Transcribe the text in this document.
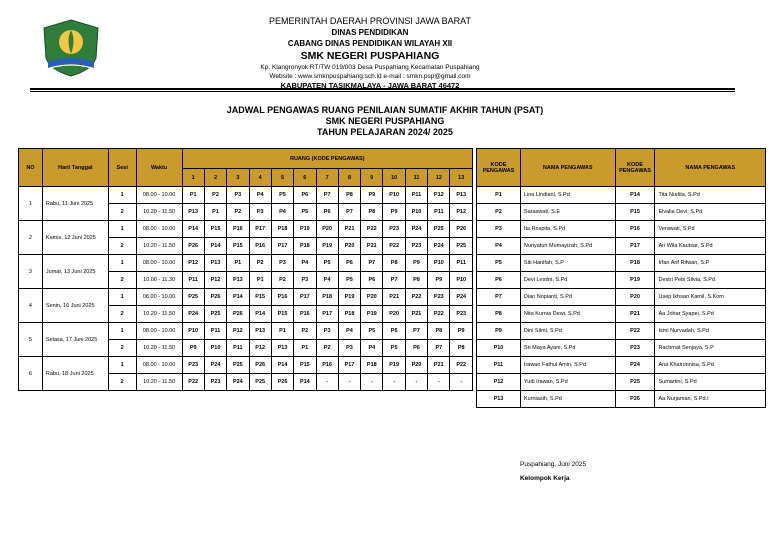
PEMERINTAH DAERAH PROVINSI JAWA BARAT
DINAS PENDIDIKAN
CABANG DINAS PENDIDIKAN WILAYAH XII
SMK NEGERI PUSPAHIANG
Kp. Klangronyok RT/TW 019/003 Desa Puspahiang Kecamatan Puspahiang
Website : www.smknpuspahiang.sch.id e-mail : smkn.psp@gmail.com
KABUPATEN TASIKMALAYA - JAWA BARAT 46472
JADWAL PENGAWAS RUANG PENILAIAN SUMATIF AKHIR TAHUN (PSAT)
SMK NEGERI PUSPAHIANG
TAHUN PELAJARAN 2024/ 2025
NO	Hari/ Tanggal	Sesi	Waktu	RUANG (KODE PENGAWAS)												
				1	2	3	4	5	6	7	8	9	10	11	12	13
1	Rabu, 11 Juni 2025	1	08.00 - 10.00	P1	P2	P3	P4	P5	P6	P7	P8	P9	P10	P11	P12	P13
		2	10.20 - 11.50	P13	P1	P2	P3	P4	P5	P6	P7	P8	P9	P10	P11	P12
2	Kamis, 12 Juni 2025	1	08.00 - 10.00	P14	P15	P16	P17	P18	P19	P20	P21	P22	P23	P24	P25	P26
		2	10.20 - 11.50	P26	P14	P15	P16	P17	P18	P19	P20	P21	P22	P23	P24	P25
3	Jumat, 13 Juni 2025	1	08.00 - 10.00	P12	P13	P1	P2	P3	P4	P5	P6	P7	P8	P9	P10	P11
		2	10.00 - 11.30	P11	P12	P13	P1	P2	P3	P4	P5	P6	P7	P8	P9	P10
4	Senin, 16 Juni 2025	1	08.00 - 10.00	P25	P26	P14	P15	P16	P17	P18	P19	P20	P21	P22	P23	P24
		2	10.20 - 11.50	P24	P25	P26	P14	P15	P16	P17	P18	P19	P20	P21	P22	P23
5	Selasa, 17 Juni 2025	1	08.00 - 10.00	P10	P11	P12	P13	P1	P2	P3	P4	P5	P6	P7	P8	P9
		2	10.20 - 11.50	P9	P10	P11	P12	P13	P1	P2	P3	P4	P5	P6	P7	P8
6	Rabu, 18 Juni 2025	1	08.00 - 10.00	P23	P24	P25	P26	P14	P15	P16	P17	P18	P19	P20	P21	P22
		2	10.20 - 11.50	P22	P23	P24	P25	P26	P14	-	-	-	-	-	-	-
KODE PENGAWAS	NAMA PENGAWAS	KODE PENGAWAS	NAMA PENGAWAS
P1	Lina Lindiani, S.Pd	P14	Tita Nurlita, S.Pd
P2	Saraswati, S.E	P15	Elvalia Devi, S.Pd
P3	Ita Rospita, S.Pd	P16	Verawati, S.Pd
P4	Nuriyatun Mumayizah, S.Pd	P17	Ari Wila Kautsar, S.Pd
P5	Siti Hanifah, S.P	P18	Irfan Arif Rifwan, S.P
P6	Devi Lestini, S.Pd	P19	Destri Pebi Silvia, S.Pd
P7	Dian Nopianti, S.Pd	P20	Usep Ikhsan Kamil, S.Kom
P8	Nita Kurnia Dewi, S.Pd	P21	Aa Johar Syapei, S.Pd
P9	Dini Silmi, S.Pd	P22	Ismi Nurvadah, S.Pd
P10	Sri Maya Ayani, S.Pd	P23	Rachmat Senjaya, S.P
P11	Irawan Fathul Amin, S.Pd	P24	Ana Khairunnisa, S.Pd
P12	Yudi Irawan, S.Pd	P25	Sumartini, S.Pd
P13	Kurniasih, S.Pd	P26	Aa Nurjaman, S.Pd.I
Puspahiang, Juni 2025
Kelompok Kerja
